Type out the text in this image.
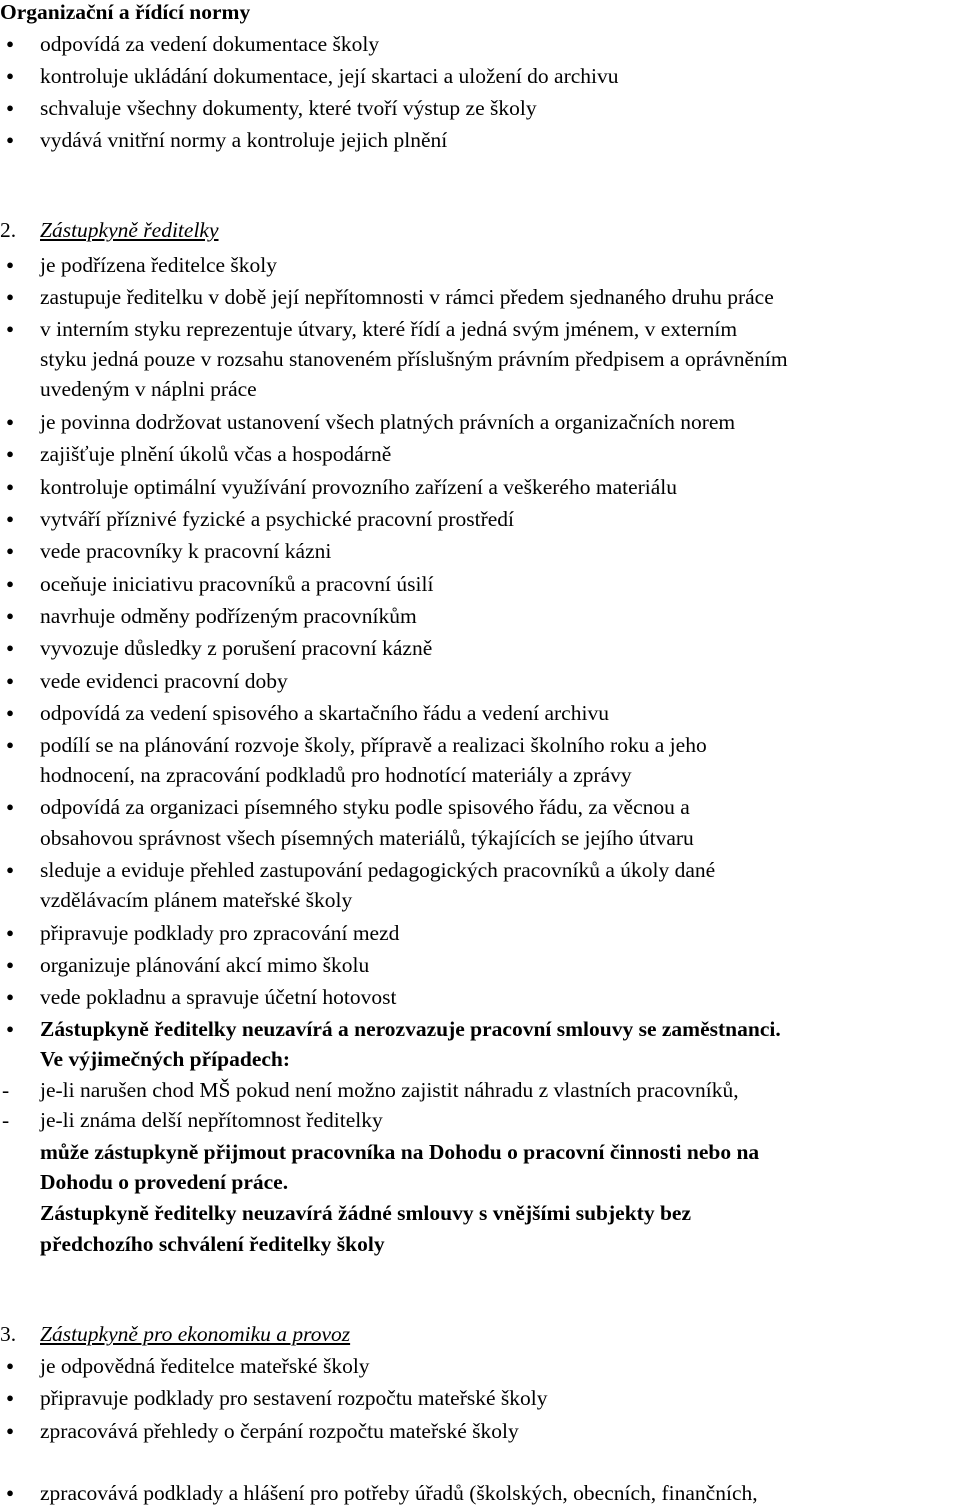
Organizační a řídící normy
● odpovídá za vedení dokumentace školy
● kontroluje ukládání dokumentace, její skartaci a uložení do archivu
● schvaluje všechny dokumenty, které tvoří výstup ze školy
● vydává vnitřní normy a kontroluje jejich plnění
2. Zástupkyně ředitelky
● je podřízena ředitelce školy
● zastupuje ředitelku v době její nepřítomnosti v rámci předem sjednaného druhu práce
● v interním styku reprezentuje útvary, které řídí a jedná svým jménem, v externím
styku jedná pouze v rozsahu stanoveném příslušným právním předpisem a oprávněním
uvedeným v náplni práce
● je povinna dodržovat ustanovení všech platných právních a organizačních norem
● zajišťuje plnění úkolů včas a hospodárně
● kontroluje optimální využívání provozního zařízení a veškerého materiálu
● vytváří příznivé fyzické a psychické pracovní prostředí
● vede pracovníky k pracovní kázni
● oceňuje iniciativu pracovníků a pracovní úsilí
● navrhuje odměny podřízeným pracovníkům
● vyvozuje důsledky z porušení pracovní kázně
● vede evidenci pracovní doby
● odpovídá za vedení spisového a skartačního řádu a vedení archivu
● podílí se na plánování rozvoje školy, přípravě a realizaci školního roku a jeho
hodnocení, na zpracování podkladů pro hodnotící materiály a zprávy
● odpovídá za organizaci písemného styku podle spisového řádu, za věcnou a
obsahovou správnost všech písemných materiálů, týkajících se jejího útvaru
● sleduje a eviduje přehled zastupování pedagogických pracovníků a úkoly dané
vzdělávacím plánem mateřské školy
● připravuje podklady pro zpracování mezd
● organizuje plánování akcí mimo školu
● vede pokladnu a spravuje účetní hotovost
● Zástupkyně ředitelky neuzavírá a nerozvazuje pracovní smlouvy se zaměstnanci.
Ve výjimečných případech:
- je-li narušen chod MŠ pokud není možno zajistit náhradu z vlastních pracovníků,
- je-li známa delší nepřítomnost ředitelky
může zástupkyně přijmout pracovníka na Dohodu o pracovní činnosti nebo na
Dohodu o provedení práce.
Zástupkyně ředitelky neuzavírá žádné smlouvy s vnějšími subjekty bez
předchozího schválení ředitelky školy
3. Zástupkyně pro ekonomiku a provoz
● je odpovědná ředitelce mateřské školy
● připravuje podklady pro sestavení rozpočtu mateřské školy
● zpracovává přehledy o čerpání rozpočtu mateřské školy
● zpracovává podklady a hlášení pro potřeby úřadů (školských, obecních, finančních,
